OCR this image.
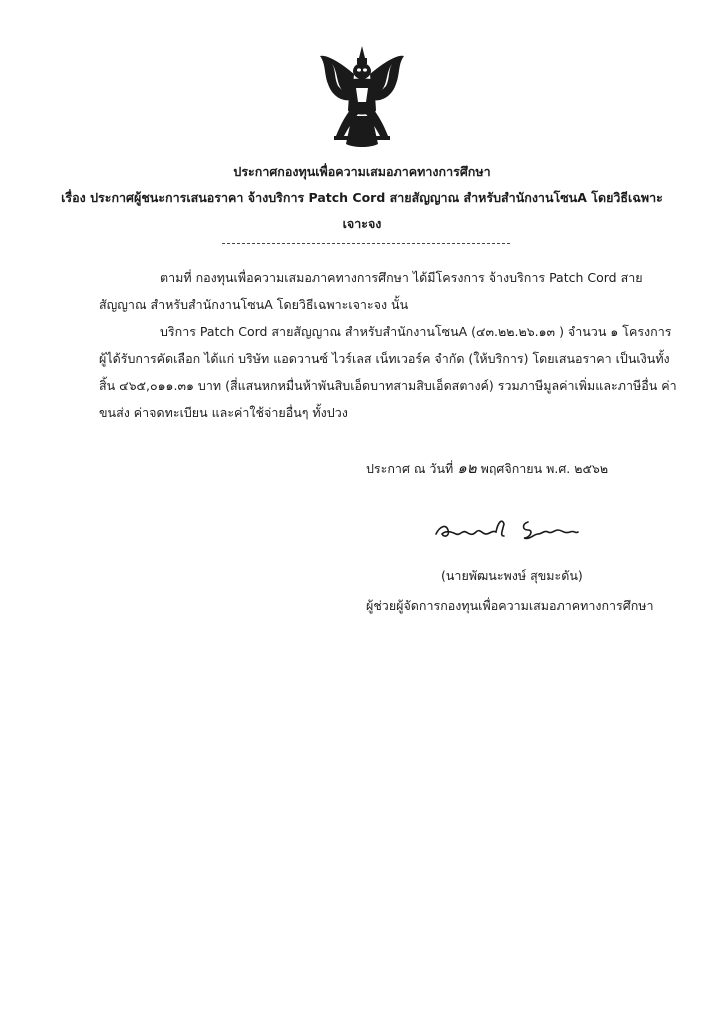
ประกาศกองทุนเพื่อความเสมอภาคทางการศึกษา
เรื่อง ประกาศผู้ชนะการเสนอราคา จ้างบริการ Patch Cord สายสัญญาณ สำหรับสำนักงานโซนA โดยวิธีเฉพาะ
เจาะจง
ตามที่ กองทุนเพื่อความเสมอภาคทางการศึกษา ได้มีโครงการ จ้างบริการ Patch Cord สาย
สัญญาณ สำหรับสำนักงานโซนA โดยวิธีเฉพาะเจาะจง นั้น
บริการ Patch Cord สายสัญญาณ สำหรับสำนักงานโซนA (๔๓.๒๒.๒๖.๑๓ ) จำนวน ๑ โครงการ
ผู้ได้รับการคัดเลือก ได้แก่ บริษัท แอดวานซ์ ไวร์เลส เน็ทเวอร์ค จำกัด (ให้บริการ) โดยเสนอราคา เป็นเงินทั้ง
สิ้น ๔๖๕,๐๑๑.๓๑ บาท (สี่แสนหกหมื่นห้าพันสิบเอ็ดบาทสามสิบเอ็ดสตางค์) รวมภาษีมูลค่าเพิ่มและภาษีอื่น ค่า
ขนส่ง ค่าจดทะเบียน และค่าใช้จ่ายอื่นๆ ทั้งปวง
ประกาศ ณ วันที่ ๑๒ พฤศจิกายน พ.ศ. ๒๕๖๒
(นายพัฒนะพงษ์ สุขมะดัน)
ผู้ช่วยผู้จัดการกองทุนเพื่อความเสมอภาคทางการศึกษา
